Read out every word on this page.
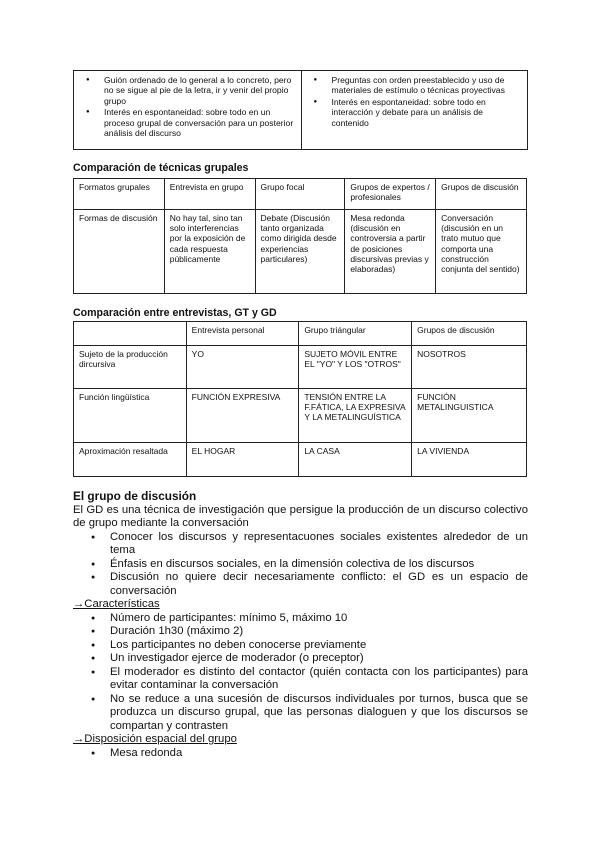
● Guión ordenado de lo general a lo concreto, pero no se sigue al pie de la letra, ir y venir del propio grupo
● Interés en espontaneidad: sobre todo en un proceso grupal de conversación para un posterior análisis del discurso
● Preguntas con orden preestablecido y uso de materiales de estímulo o técnicas proyectivas
● Interés en espontaneidad: sobre todo en interacción y debate para un análisis de contenido
Comparación de técnicas grupales
Formatos grupales	Entrevista en grupo	Grupo focal	Grupos de expertos / profesionales	Grupos de discusión
Formas de discusión	No hay tal, sino tan solo interferencias por la exposición de cada respuesta públicamente	Debate (Discusión tanto organizada como dirigida desde experiencias particulares)	Mesa redonda (discusión en controversia a partir de posiciones discursivas previas y elaboradas)	Conversación (discusión en un trato mutuo que comporta una construcción conjunta del sentido)
Comparación entre entrevistas, GT y GD
	Entrevista personal	Grupo triángular	Grupos de discusión
Sujeto de la producción dircursiva	YO	SUJETO MÓVIL ENTRE EL "YO" Y LOS "OTROS"	NOSOTROS
Función lingüística	FUNCIÓN EXPRESIVA	TENSIÓN ENTRE LA F.FÁTICA, LA EXPRESIVA Y LA METALINGUÍSTICA	FUNCIÓN METALINGUISTICA
Aproximación resaltada	EL HOGAR	LA CASA	LA VIVIENDA
El grupo de discusión

El GD es una técnica de investigación que persigue la producción de un discurso colectivo de grupo mediante la conversación

● Conocer los discursos y representacuones sociales existentes alrededor de un tema
● Énfasis en discursos sociales, en la dimensión colectiva de los discursos
● Discusión no quiere decir necesariamente conflicto: el GD es un espacio de conversación
→Características
● Número de participantes: mínimo 5, máximo 10
● Duración 1h30 (máximo 2)
● Los participantes no deben conocerse previamente
● Un investigador ejerce de moderador (o preceptor)
● El moderador es distinto del contactor (quién contacta con los participantes) para evitar contaminar la conversación
● No se reduce a una sucesión de discursos individuales por turnos, busca que se produzca un discurso grupal, que las personas dialoguen y que los discursos se compartan y contrasten
→Disposición espacial del grupo
● Mesa redonda
